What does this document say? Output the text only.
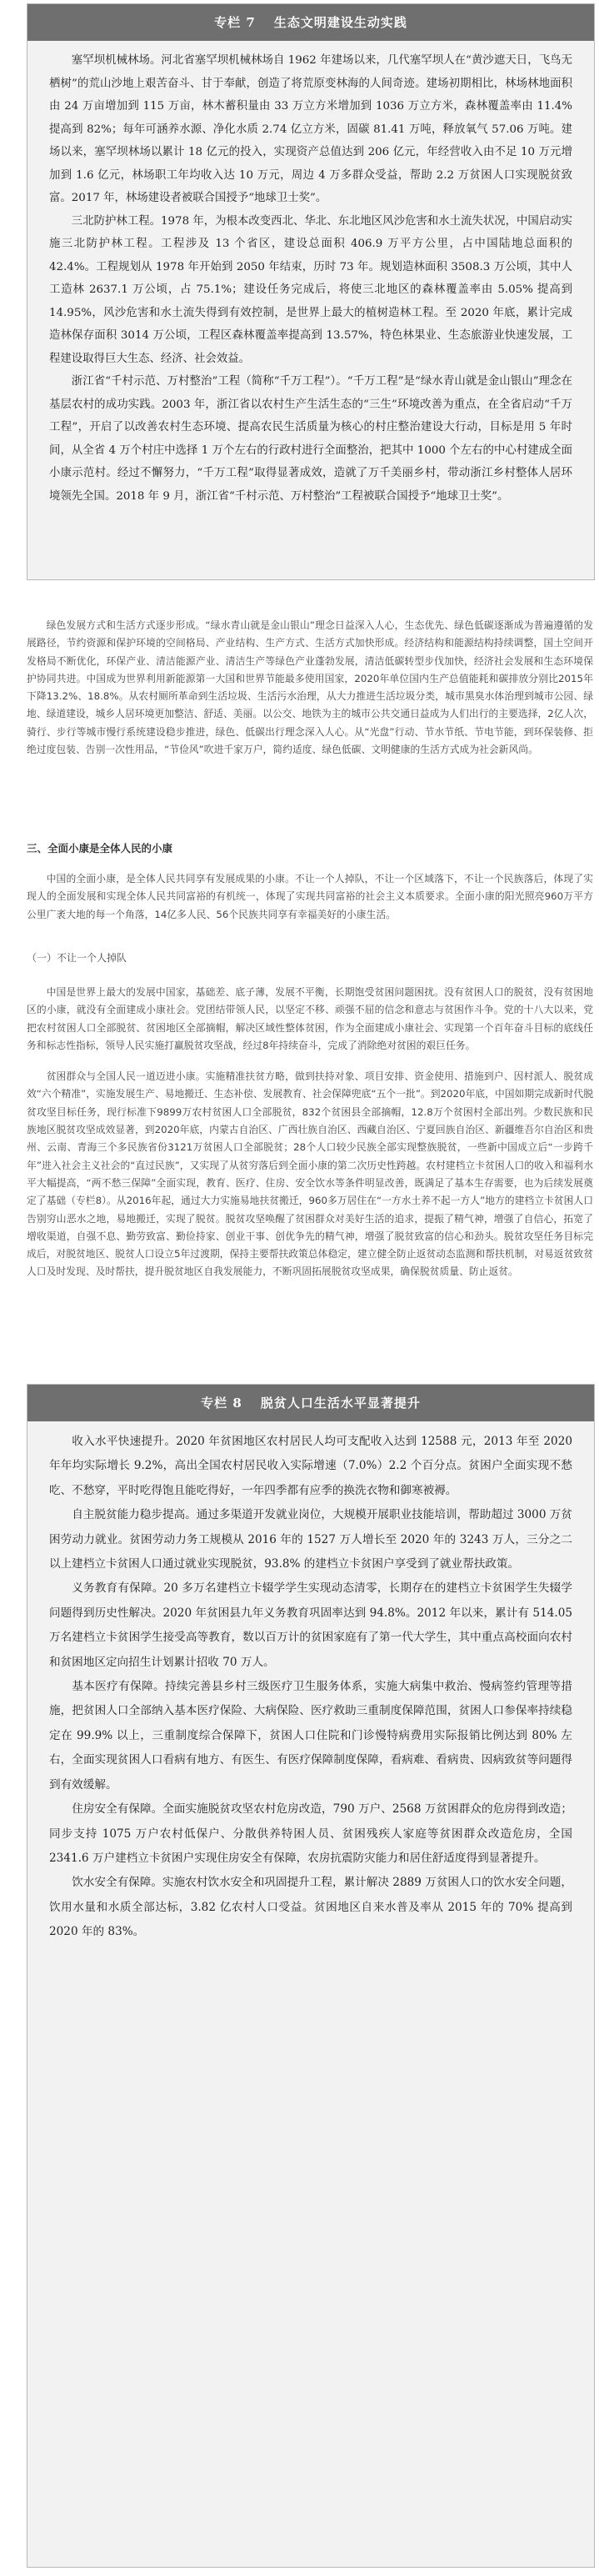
专栏 7 生态文明建设生动实践

塞罕坝机械林场。河北省塞罕坝机械林场自 1962 年建场以来，几代塞罕坝人在“黄沙遮天日，飞鸟无栖树”的荒山沙地上艰苦奋斗、甘于奉献，创造了将荒原变林海的人间奇迹。建场初期相比，林场林地面积由 24 万亩增加到 115 万亩，林木蓄积量由 33 万立方米增加到 1036 万立方米，森林覆盖率由 11.4% 提高到 82%；每年可涵养水源、净化水质 2.74 亿立方米，固碳 81.41 万吨，释放氧气 57.06 万吨。建场以来，塞罕坝林场以累计 18 亿元的投入，实现资产总值达到 206 亿元，年经营收入由不足 10 万元增加到 1.6 亿元，林场职工年均收入达 10 万元，周边 4 万多群众受益，帮助 2.2 万贫困人口实现脱贫致富。2017 年，林场建设者被联合国授予“地球卫士奖”。

三北防护林工程。1978 年，为根本改变西北、华北、东北地区风沙危害和水土流失状况，中国启动实施三北防护林工程。工程涉及 13 个省区，建设总面积 406.9 万平方公里，占中国陆地总面积的 42.4%。工程规划从 1978 年开始到 2050 年结束，历时 73 年。规划造林面积 3508.3 万公顷，其中人工造林 2637.1 万公顷，占 75.1%；建设任务完成后，将使三北地区的森林覆盖率由 5.05% 提高到 14.95%，风沙危害和水土流失得到有效控制，是世界上最大的植树造林工程。至 2020 年底，累计完成造林保存面积 3014 万公顷，工程区森林覆盖率提高到 13.57%，特色林果业、生态旅游业快速发展，工程建设取得巨大生态、经济、社会效益。

浙江省“千村示范、万村整治”工程（简称“千万工程”）。“千万工程”是“绿水青山就是金山银山”理念在基层农村的成功实践。2003 年，浙江省以农村生产生活生态的“三生”环境改善为重点，在全省启动“千万工程”，开启了以改善农村生态环境、提高农民生活质量为核心的村庄整治建设大行动，目标是用 5 年时间，从全省 4 万个村庄中选择 1 万个左右的行政村进行全面整治，把其中 1000 个左右的中心村建成全面小康示范村。经过不懈努力，“千万工程”取得显著成效，造就了万千美丽乡村，带动浙江乡村整体人居环境领先全国。2018 年 9 月，浙江省“千村示范、万村整治”工程被联合国授予“地球卫士奖”。

绿色发展方式和生活方式逐步形成。“绿水青山就是金山银山”理念日益深入人心，生态优先、绿色低碳逐渐成为普遍遵循的发展路径，节约资源和保护环境的空间格局、产业结构、生产方式、生活方式加快形成。经济结构和能源结构持续调整，国土空间开发格局不断优化，环保产业、清洁能源产业、清洁生产等绿色产业蓬勃发展，清洁低碳转型步伐加快，经济社会发展和生态环境保护协同共进。中国成为世界利用新能源第一大国和世界节能最多使用国家，2020年单位国内生产总值能耗和碳排放分别比2015年下降13.2%、18.8%。从农村厕所革命到生活垃圾、生活污水治理，从大力推进生活垃圾分类，城市黑臭水体治理到城市公园、绿地、绿道建设，城乡人居环境更加整洁、舒适、美丽。以公交、地铁为主的城市公共交通日益成为人们出行的主要选择，2亿人次，骑行、步行等城市慢行系统建设稳步推进，绿色、低碳出行理念深入人心。从“光盘”行动、节水节纸、节电节能，到环保装修、拒绝过度包装、告别一次性用品，“节俭风”吹进千家万户，简约适度、绿色低碳、文明健康的生活方式成为社会新风尚。

三、全面小康是全体人民的小康

中国的全面小康，是全体人民共同享有发展成果的小康。不让一个人掉队，不让一个区域落下，不让一个民族落后，体现了实现人的全面发展和实现全体人民共同富裕的有机统一，体现了实现共同富裕的社会主义本质要求。全面小康的阳光照亮960万平方公里广袤大地的每一个角落，14亿多人民、56个民族共同享有幸福美好的小康生活。

（一）不让一个人掉队

中国是世界上最大的发展中国家，基础差、底子薄，发展不平衡，长期饱受贫困问题困扰。没有贫困人口的脱贫，没有贫困地区的小康，就没有全面建成小康社会。党团结带领人民，以坚定不移、顽强不屈的信念和意志与贫困作斗争。党的十八大以来，党把农村贫困人口全部脱贫、贫困地区全部摘帽，解决区域性整体贫困，作为全面建成小康社会、实现第一个百年奋斗目标的底线任务和标志性指标，领导人民实施打赢脱贫攻坚战，经过8年持续奋斗，完成了消除绝对贫困的艰巨任务。

贫困群众与全国人民一道迈进小康。实施精准扶贫方略，做到扶持对象、项目安排、资金使用、措施到户、因村派人、脱贫成效“六个精准”，实施发展生产、易地搬迁、生态补偿、发展教育、社会保障兜底“五个一批”。到2020年底，中国如期完成新时代脱贫攻坚目标任务，现行标准下9899万农村贫困人口全部脱贫，832个贫困县全部摘帽，12.8万个贫困村全部出列。少数民族和民族地区脱贫攻坚成效显著，到2020年底，内蒙古自治区、广西壮族自治区、西藏自治区、宁夏回族自治区、新疆维吾尔自治区和贵州、云南、青海三个多民族省份3121万贫困人口全部脱贫；28个人口较少民族全部实现整族脱贫，一些新中国成立后“一步跨千年”进入社会主义社会的“直过民族”，又实现了从贫穷落后到全面小康的第二次历史性跨越。农村建档立卡贫困人口的收入和福利水平大幅提高，“两不愁三保障”全面实现，教育、医疗、住房、安全饮水等条件明显改善，既满足了基本生存需要，也为后续发展奠定了基础（专栏8）。从2016年起，通过大力实施易地扶贫搬迁，960多万居住在“一方水土养不起一方人”地方的建档立卡贫困人口告别穷山恶水之地，易地搬迁，实现了脱贫。脱贫攻坚唤醒了贫困群众对美好生活的追求，提振了精气神，增强了自信心，拓宽了增收渠道，自强不息、勤劳致富、勤俭持家、创业干事、创优争先的精气神，增强了脱贫致富的信心和劲头。脱贫攻坚任务目标完成后，对脱贫地区、脱贫人口设立5年过渡期，保持主要帮扶政策总体稳定，建立健全防止返贫动态监测和帮扶机制，对易返贫致贫人口及时发现、及时帮扶，提升脱贫地区自我发展能力，不断巩固拓展脱贫攻坚成果，确保脱贫质量、防止返贫。

专栏 8 脱贫人口生活水平显著提升

收入水平快速提升。2020 年贫困地区农村居民人均可支配收入达到 12588 元，2013 年至 2020 年年均实际增长 9.2%，高出全国农村居民收入实际增速（7.0%）2.2 个百分点。贫困户全面实现不愁吃、不愁穿，平时吃得饱且能吃得好，一年四季都有应季的换洗衣物和御寒被褥。

自主脱贫能力稳步提高。通过多渠道开发就业岗位，大规模开展职业技能培训，帮助超过 3000 万贫困劳动力就业。贫困劳动力务工规模从 2016 年的 1527 万人增长至 2020 年的 3243 万人，三分之二以上建档立卡贫困人口通过就业实现脱贫，93.8% 的建档立卡贫困户享受到了就业帮扶政策。

义务教育有保障。20 多万名建档立卡辍学学生实现动态清零，长期存在的建档立卡贫困学生失辍学问题得到历史性解决。2020 年贫困县九年义务教育巩固率达到 94.8%。2012 年以来，累计有 514.05 万名建档立卡贫困学生接受高等教育，数以百万计的贫困家庭有了第一代大学生，其中重点高校面向农村和贫困地区定向招生计划累计招收 70 万人。

基本医疗有保障。持续完善县乡村三级医疗卫生服务体系，实施大病集中救治、慢病签约管理等措施，把贫困人口全部纳入基本医疗保险、大病保险、医疗救助三重制度保障范围，贫困人口参保率持续稳定在 99.9% 以上，三重制度综合保障下，贫困人口住院和门诊慢特病费用实际报销比例达到 80% 左右，全面实现贫困人口看病有地方、有医生、有医疗保障制度保障，看病难、看病贵、因病致贫等问题得到有效缓解。

住房安全有保障。全面实施脱贫攻坚农村危房改造，790 万户、2568 万贫困群众的危房得到改造；同步支持 1075 万户农村低保户、分散供养特困人员、贫困残疾人家庭等贫困群众改造危房，全国 2341.6 万户建档立卡贫困户实现住房安全有保障，农房抗震防灾能力和居住舒适度得到显著提升。

饮水安全有保障。实施农村饮水安全和巩固提升工程，累计解决 2889 万贫困人口的饮水安全问题，饮用水量和水质全部达标，3.82 亿农村人口受益。贫困地区自来水普及率从 2015 年的 70% 提高到 2020 年的 83%。
